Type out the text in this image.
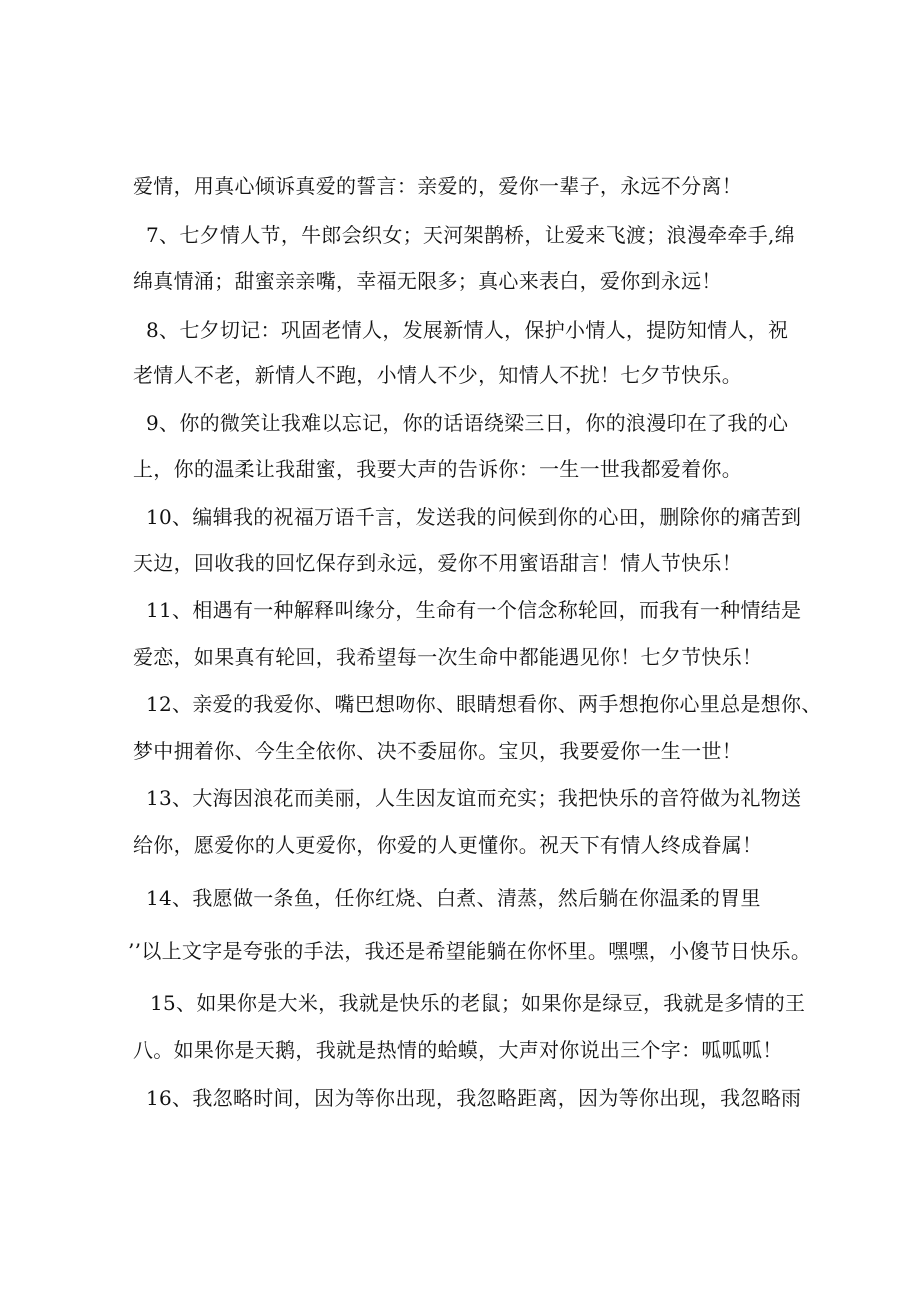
爱情，用真心倾诉真爱的誓言：亲爱的，爱你一辈子，永远不分离！
7、七夕情人节，牛郎会织女；天河架鹊桥，让爱来飞渡；浪漫牵牵手,绵
绵真情涌；甜蜜亲亲嘴，幸福无限多；真心来表白，爱你到永远！
8、七夕切记：巩固老情人，发展新情人，保护小情人，提防知情人，祝
老情人不老，新情人不跑，小情人不少，知情人不扰！七夕节快乐。
9、你的微笑让我难以忘记，你的话语绕梁三日，你的浪漫印在了我的心
上，你的温柔让我甜蜜，我要大声的告诉你：一生一世我都爱着你。
10、编辑我的祝福万语千言，发送我的问候到你的心田，删除你的痛苦到
天边，回收我的回忆保存到永远，爱你不用蜜语甜言！情人节快乐！
11、相遇有一种解释叫缘分，生命有一个信念称轮回，而我有一种情结是
爱恋，如果真有轮回，我希望每一次生命中都能遇见你！七夕节快乐！
12、亲爱的我爱你、嘴巴想吻你、眼睛想看你、两手想抱你心里总是想你、
梦中拥着你、今生全依你、决不委屈你。宝贝，我要爱你一生一世！
13、大海因浪花而美丽，人生因友谊而充实；我把快乐的音符做为礼物送
给你，愿爱你的人更爱你，你爱的人更懂你。祝天下有情人终成眷属！
14、我愿做一条鱼，任你红烧、白煮、清蒸，然后躺在你温柔的胃里
’’以上文字是夸张的手法，我还是希望能躺在你怀里。嘿嘿，小傻节日快乐。
15、如果你是大米，我就是快乐的老鼠；如果你是绿豆，我就是多情的王
八。如果你是天鹅，我就是热情的蛤蟆，大声对你说出三个字：呱呱呱！
16、我忽略时间，因为等你出现，我忽略距离，因为等你出现，我忽略雨
